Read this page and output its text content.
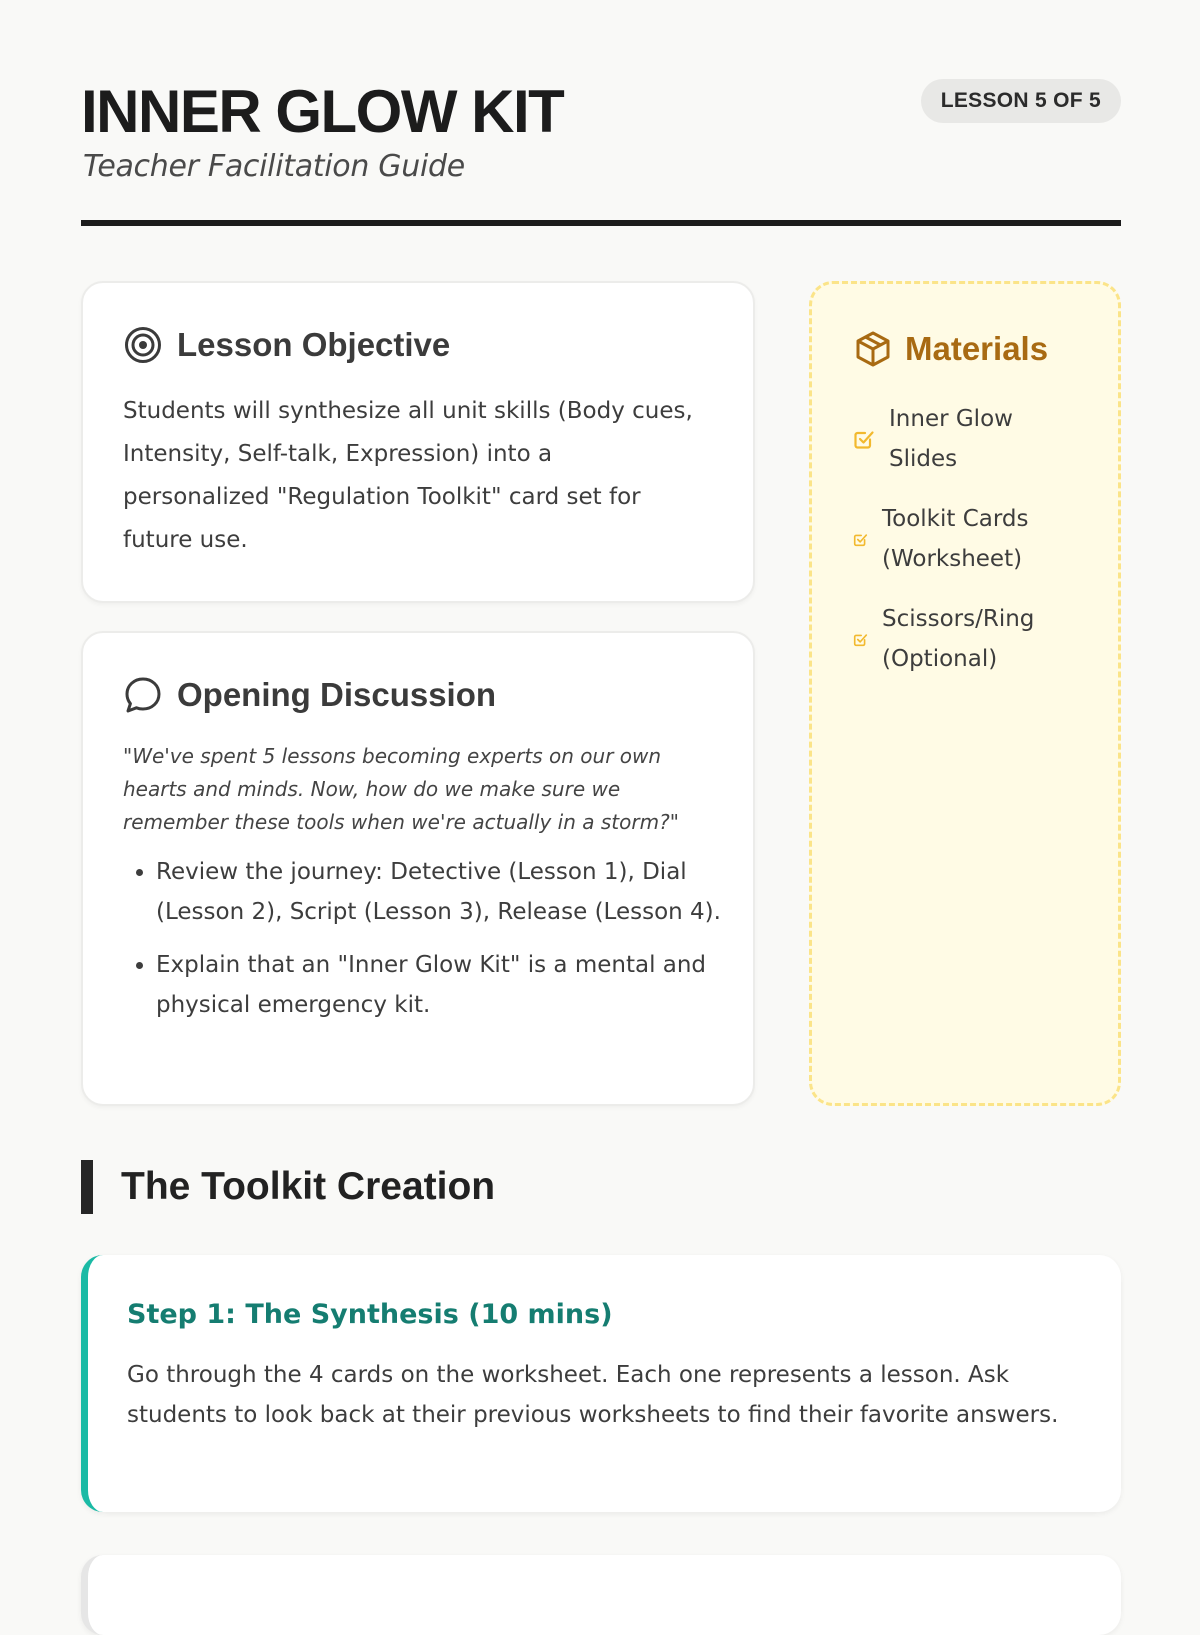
INNER GLOW KIT

Teacher Facilitation Guide

LESSON 5 OF 5
Lesson Objective

Students will synthesize all unit skills (Body cues, Intensity, Self-talk, Expression) into a personalized "Regulation Toolkit" card set for future use.

Opening Discussion

"We've spent 5 lessons becoming experts on our own hearts and minds. Now, how do we make sure we remember these tools when we're actually in a storm?"

• Review the journey: Detective (Lesson 1), Dial (Lesson 2), Script (Lesson 3), Release (Lesson 4).
• Explain that an "Inner Glow Kit" is a mental and physical emergency kit.
Materials
Inner Glow Slides
Toolkit Cards (Worksheet)
Scissors/Ring (Optional)
The Toolkit Creation
Step 1: The Synthesis (10 mins)

Go through the 4 cards on the worksheet. Each one represents a lesson. Ask students to look back at their previous worksheets to find their favorite answers.
